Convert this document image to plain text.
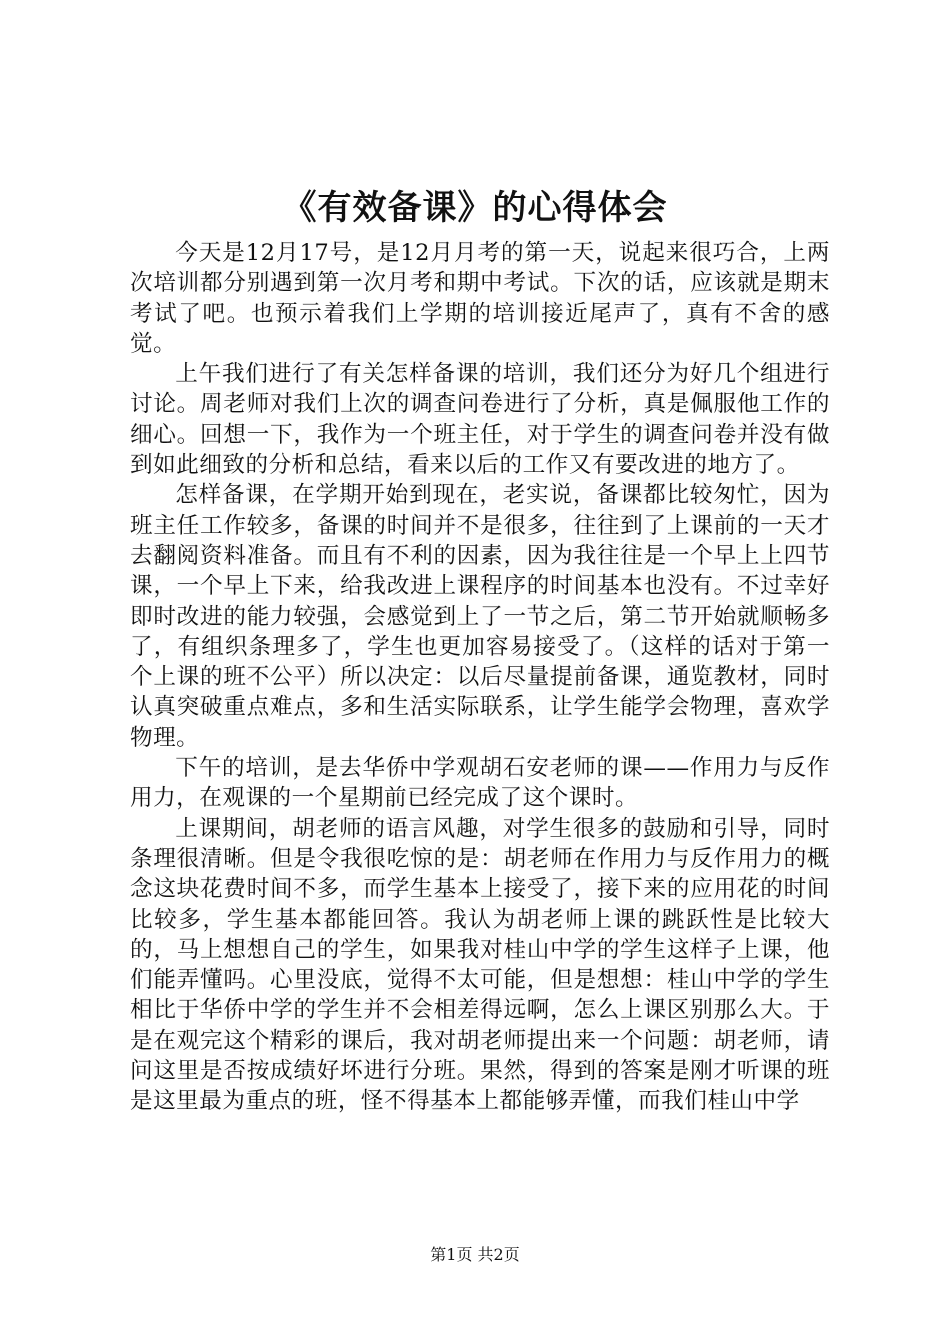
《有效备课》的心得体会

今天是12月17号，是12月月考的第一天，说起来很巧合，上两次培训都分别遇到第一次月考和期中考试。下次的话，应该就是期末考试了吧。也预示着我们上学期的培训接近尾声了，真有不舍的感觉。

上午我们进行了有关怎样备课的培训，我们还分为好几个组进行讨论。周老师对我们上次的调查问卷进行了分析，真是佩服他工作的细心。回想一下，我作为一个班主任，对于学生的调查问卷并没有做到如此细致的分析和总结，看来以后的工作又有要改进的地方了。

怎样备课，在学期开始到现在，老实说，备课都比较匆忙，因为班主任工作较多，备课的时间并不是很多，往往到了上课前的一天才去翻阅资料准备。而且有不利的因素，因为我往往是一个早上上四节课，一个早上下来，给我改进上课程序的时间基本也没有。不过幸好即时改进的能力较强，会感觉到上了一节之后，第二节开始就顺畅多了，有组织条理多了，学生也更加容易接受了。（这样的话对于第一个上课的班不公平）所以决定：以后尽量提前备课，通览教材，同时认真突破重点难点，多和生活实际联系，让学生能学会物理，喜欢学物理。

下午的培训，是去华侨中学观胡石安老师的课——作用力与反作用力，在观课的一个星期前已经完成了这个课时。

上课期间，胡老师的语言风趣，对学生很多的鼓励和引导，同时条理很清晰。但是令我很吃惊的是：胡老师在作用力与反作用力的概念这块花费时间不多，而学生基本上接受了，接下来的应用花的时间比较多，学生基本都能回答。我认为胡老师上课的跳跃性是比较大的，马上想想自己的学生，如果我对桂山中学的学生这样子上课，他们能弄懂吗。心里没底，觉得不太可能，但是想想：桂山中学的学生相比于华侨中学的学生并不会相差得远啊，怎么上课区别那么大。于是在观完这个精彩的课后，我对胡老师提出来一个问题：胡老师，请问这里是否按成绩好坏进行分班。果然，得到的答案是刚才听课的班是这里最为重点的班，怪不得基本上都能够弄懂，而我们桂山中学

第1页 共2页
